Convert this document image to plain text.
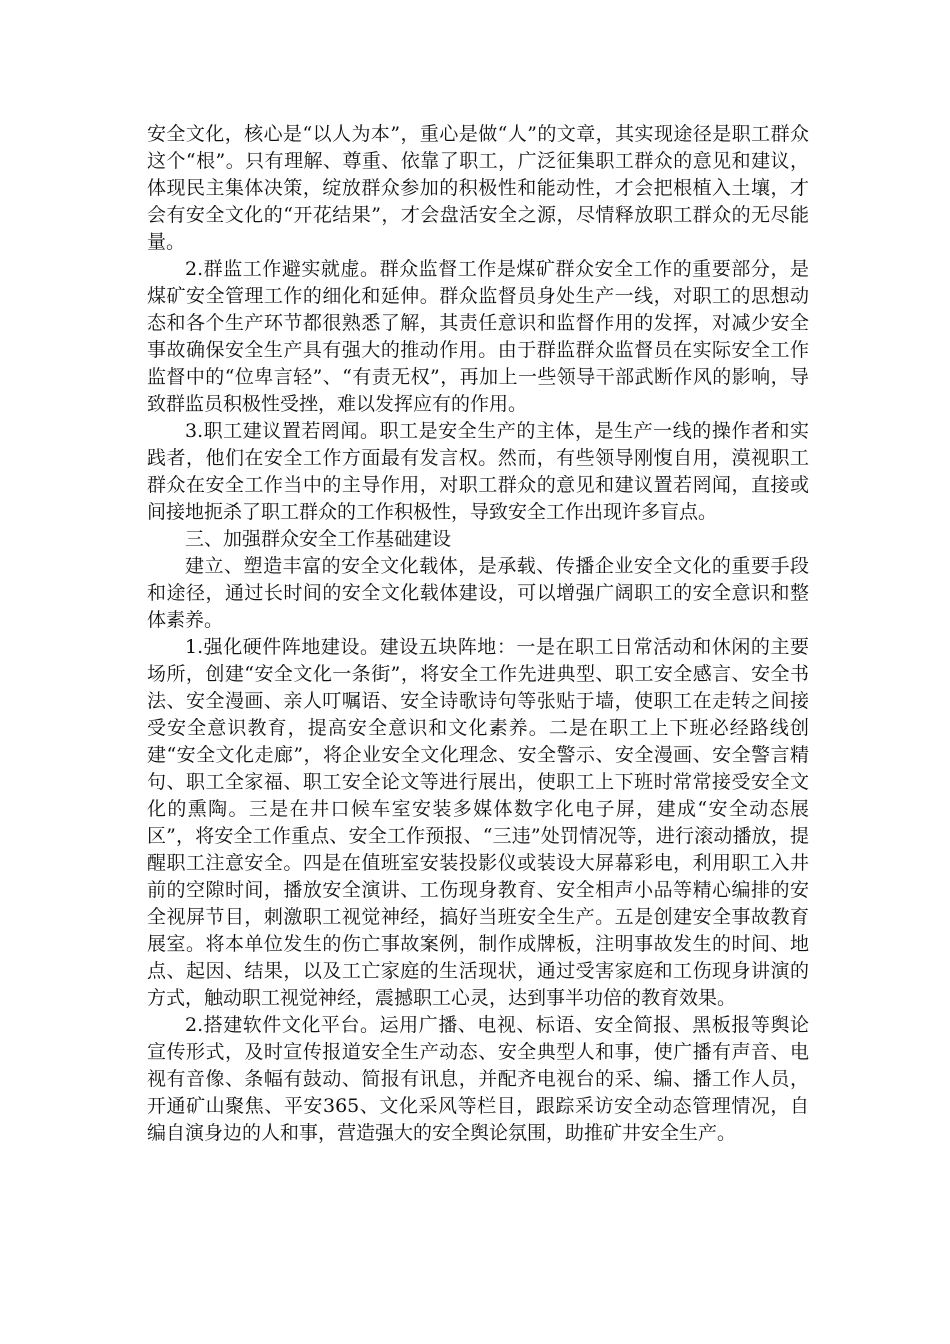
安全文化，核心是“以人为本”，重心是做“人”的文章，其实现途径是职工群众这个“根”。只有理解、尊重、依靠了职工，广泛征集职工群众的意见和建议，体现民主集体决策，绽放群众参加的积极性和能动性，才会把根植入土壤，才会有安全文化的“开花结果”，才会盘活安全之源，尽情释放职工群众的无尽能量。

2.群监工作避实就虚。群众监督工作是煤矿群众安全工作的重要部分，是煤矿安全管理工作的细化和延伸。群众监督员身处生产一线，对职工的思想动态和各个生产环节都很熟悉了解，其责任意识和监督作用的发挥，对减少安全事故确保安全生产具有强大的推动作用。由于群监群众监督员在实际安全工作监督中的“位卑言轻”、“有责无权”，再加上一些领导干部武断作风的影响，导致群监员积极性受挫，难以发挥应有的作用。

3.职工建议置若罔闻。职工是安全生产的主体，是生产一线的操作者和实践者，他们在安全工作方面最有发言权。然而，有些领导刚愎自用，漠视职工群众在安全工作当中的主导作用，对职工群众的意见和建议置若罔闻，直接或间接地扼杀了职工群众的工作积极性，导致安全工作出现许多盲点。

三、加强群众安全工作基础建设

建立、塑造丰富的安全文化载体，是承载、传播企业安全文化的重要手段和途径，通过长时间的安全文化载体建设，可以增强广阔职工的安全意识和整体素养。

1.强化硬件阵地建设。建设五块阵地：一是在职工日常活动和休闲的主要场所，创建“安全文化一条街”，将安全工作先进典型、职工安全感言、安全书法、安全漫画、亲人叮嘱语、安全诗歌诗句等张贴于墙，使职工在走转之间接受安全意识教育，提高安全意识和文化素养。二是在职工上下班必经路线创建“安全文化走廊”，将企业安全文化理念、安全警示、安全漫画、安全警言精句、职工全家福、职工安全论文等进行展出，使职工上下班时常常接受安全文化的熏陶。三是在井口候车室安装多媒体数字化电子屏，建成“安全动态展区”，将安全工作重点、安全工作预报、“三违”处罚情况等，进行滚动播放，提醒职工注意安全。四是在值班室安装投影仪或装设大屏幕彩电，利用职工入井前的空隙时间，播放安全演讲、工伤现身教育、安全相声小品等精心编排的安全视屏节目，刺激职工视觉神经，搞好当班安全生产。五是创建安全事故教育展室。将本单位发生的伤亡事故案例，制作成牌板，注明事故发生的时间、地点、起因、结果，以及工亡家庭的生活现状，通过受害家庭和工伤现身讲演的方式，触动职工视觉神经，震撼职工心灵，达到事半功倍的教育效果。

2.搭建软件文化平台。运用广播、电视、标语、安全简报、黑板报等舆论宣传形式，及时宣传报道安全生产动态、安全典型人和事，使广播有声音、电视有音像、条幅有鼓动、简报有讯息，并配齐电视台的采、编、播工作人员，开通矿山聚焦、平安365、文化采风等栏目，跟踪采访安全动态管理情况，自编自演身边的人和事，营造强大的安全舆论氛围，助推矿井安全生产。
